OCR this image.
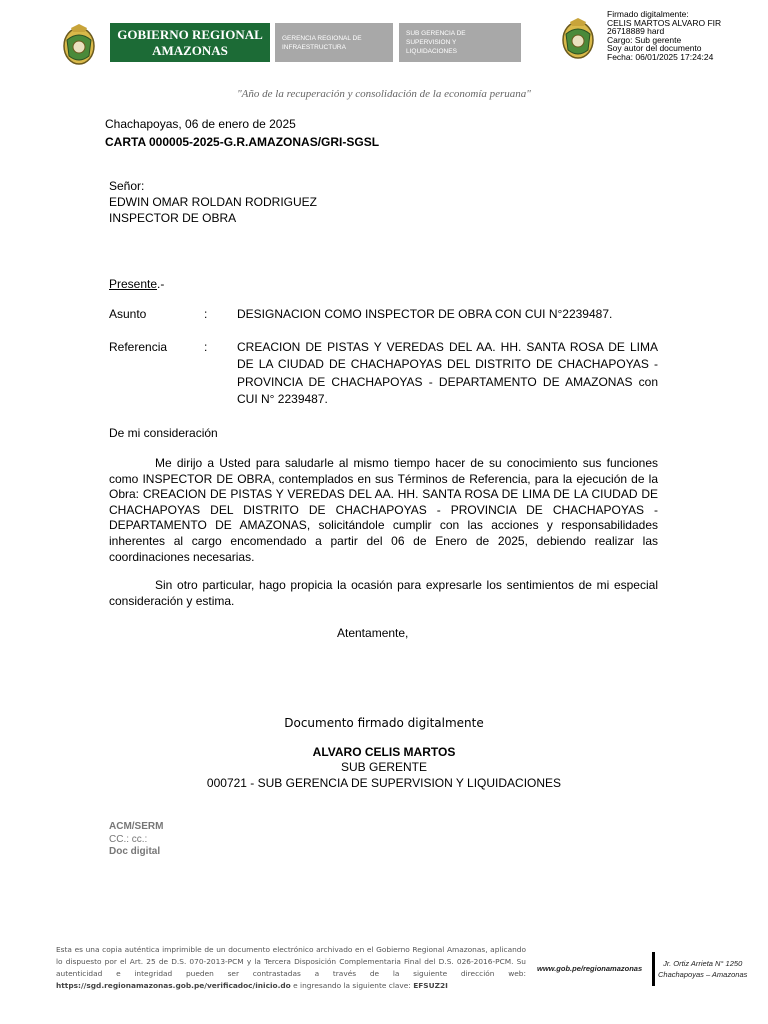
GOBIERNO REGIONAL
AMAZONAS
GERENCIA REGIONAL DE
INFRAESTRUCTURA
SUB GERENCIA DE
SUPERVISION Y
LIQUIDACIONES
Firmado digitalmente:
CELIS MARTOS ALVARO FIR
26718889 hard
Cargo: Sub gerente
Soy autor del documento
Fecha: 06/01/2025 17:24:24
"Año de la recuperación y consolidación de la economía peruana"
Chachapoyas, 06 de enero de 2025
CARTA 000005-2025-G.R.AMAZONAS/GRI-SGSL
Señor:
EDWIN OMAR ROLDAN RODRIGUEZ
INSPECTOR DE OBRA
Presente.-
Asunto	: DESIGNACION COMO INSPECTOR DE OBRA CON CUI N°2239487.
Referencia	: CREACION DE PISTAS Y VEREDAS DEL AA. HH. SANTA ROSA DE LIMA DE LA CIUDAD DE CHACHAPOYAS DEL DISTRITO DE CHACHAPOYAS - PROVINCIA DE CHACHAPOYAS - DEPARTAMENTO DE AMAZONAS con CUI N° 2239487.
De mi consideración
Me dirijo a Usted para saludarle al mismo tiempo hacer de su conocimiento sus funciones como INSPECTOR DE OBRA, contemplados en sus Términos de Referencia, para la ejecución de la Obra: CREACION DE PISTAS Y VEREDAS DEL AA. HH. SANTA ROSA DE LIMA DE LA CIUDAD DE CHACHAPOYAS DEL DISTRITO DE CHACHAPOYAS - PROVINCIA DE CHACHAPOYAS - DEPARTAMENTO DE AMAZONAS, solicitándole cumplir con las acciones y responsabilidades inherentes al cargo encomendado a partir del 06 de Enero de 2025, debiendo realizar las coordinaciones necesarias.
Sin otro particular, hago propicia la ocasión para expresarle los sentimientos de mi especial consideración y estima.
Atentamente,
Documento firmado digitalmente
ALVARO CELIS MARTOS
SUB GERENTE
000721 - SUB GERENCIA DE SUPERVISION Y LIQUIDACIONES
ACM/SERM
CC.: cc.:
Doc digital
Esta es una copia auténtica imprimible de un documento electrónico archivado en el Gobierno Regional Amazonas, aplicando lo dispuesto por el Art. 25 de D.S. 070-2013-PCM y la Tercera Disposición Complementaria Final del D.S. 026-2016-PCM. Su autenticidad e integridad pueden ser contrastadas a través de la siguiente dirección web: https://sgd.regionamazonas.gob.pe/verificadoc/inicio.do e ingresando la siguiente clave: EFSUZ2I
www.gob.pe/regionamazonas
Jr. Ortiz Arrieta N° 1250
Chachapoyas – Amazonas
